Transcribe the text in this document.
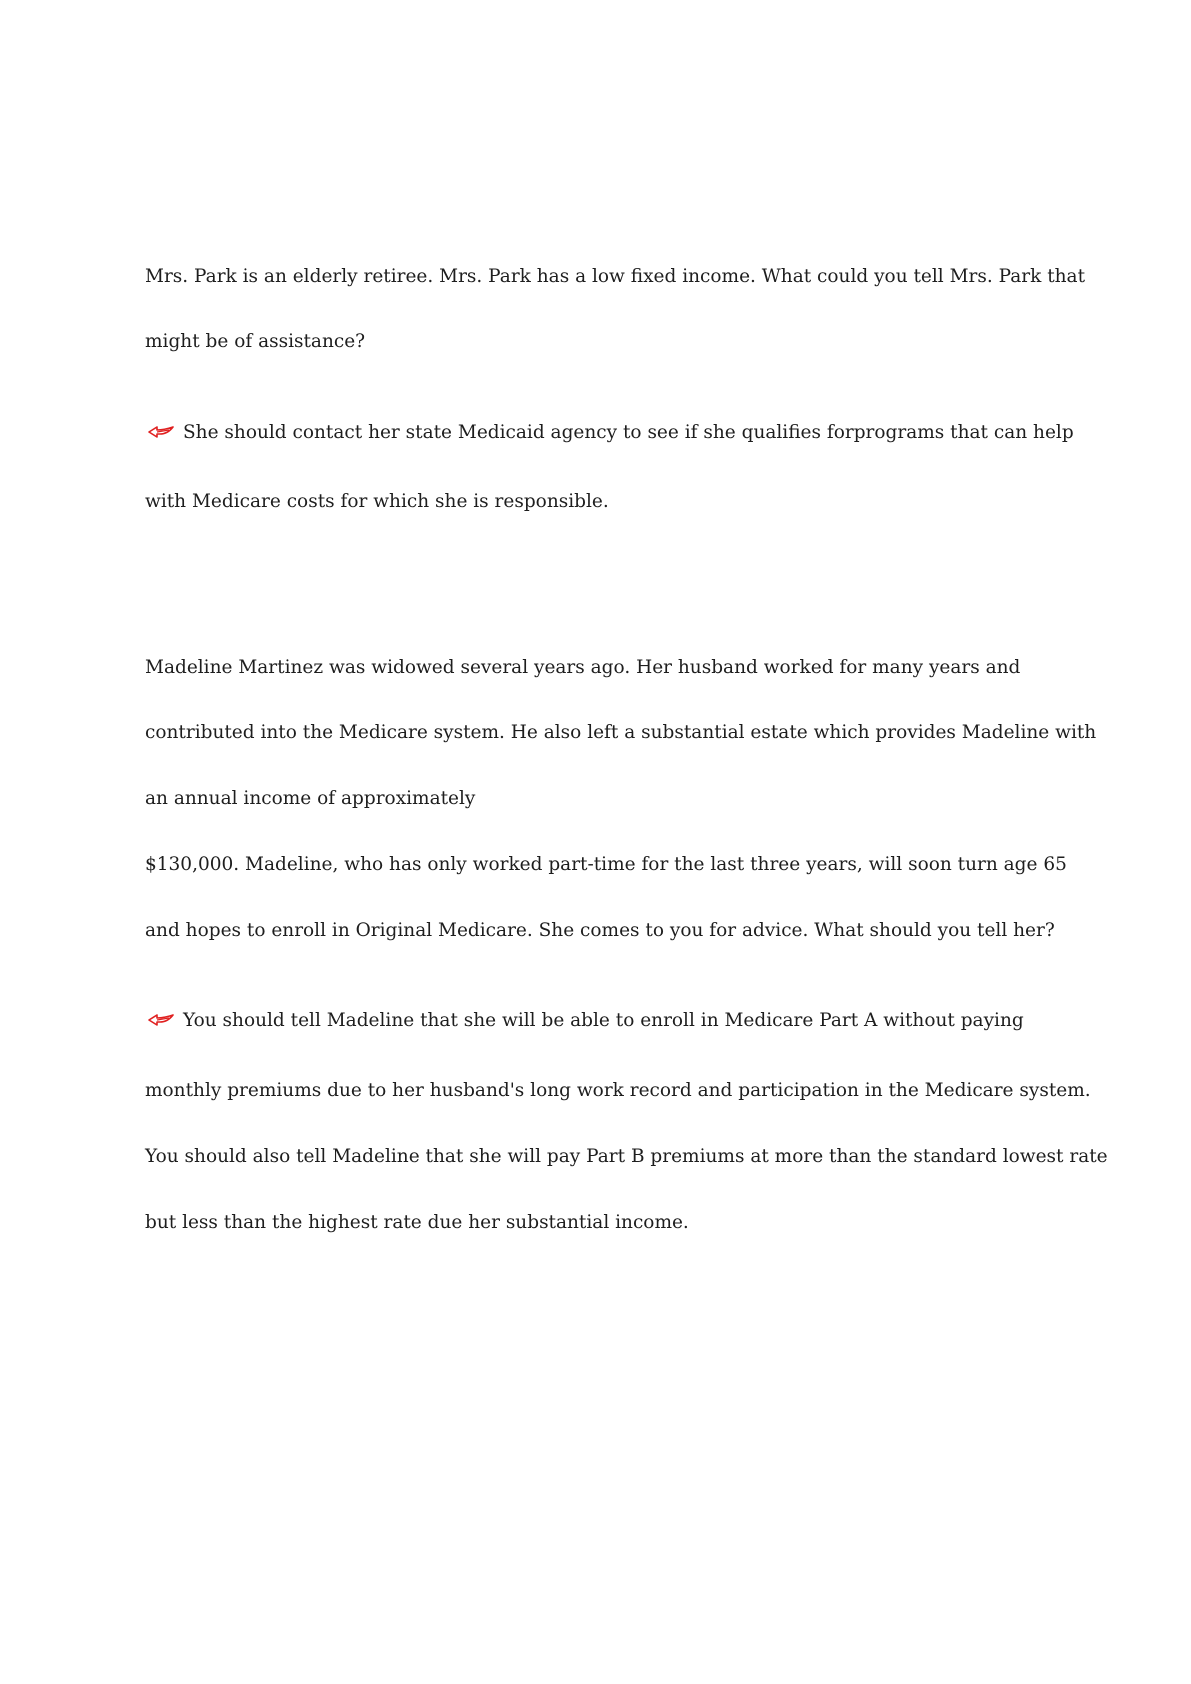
Mrs. Park is an elderly retiree. Mrs. Park has a low fixed income. What could you tell Mrs. Park that
might be of assistance?
She should contact her state Medicaid agency to see if she qualifies forprograms that can help
with Medicare costs for which she is responsible.
Madeline Martinez was widowed several years ago. Her husband worked for many years and
contributed into the Medicare system. He also left a substantial estate which provides Madeline with
an annual income of approximately
$130,000. Madeline, who has only worked part-time for the last three years, will soon turn age 65
and hopes to enroll in Original Medicare. She comes to you for advice. What should you tell her?
You should tell Madeline that she will be able to enroll in Medicare Part A without paying
monthly premiums due to her husband's long work record and participation in the Medicare system.
You should also tell Madeline that she will pay Part B premiums at more than the standard lowest rate
but less than the highest rate due her substantial income.
